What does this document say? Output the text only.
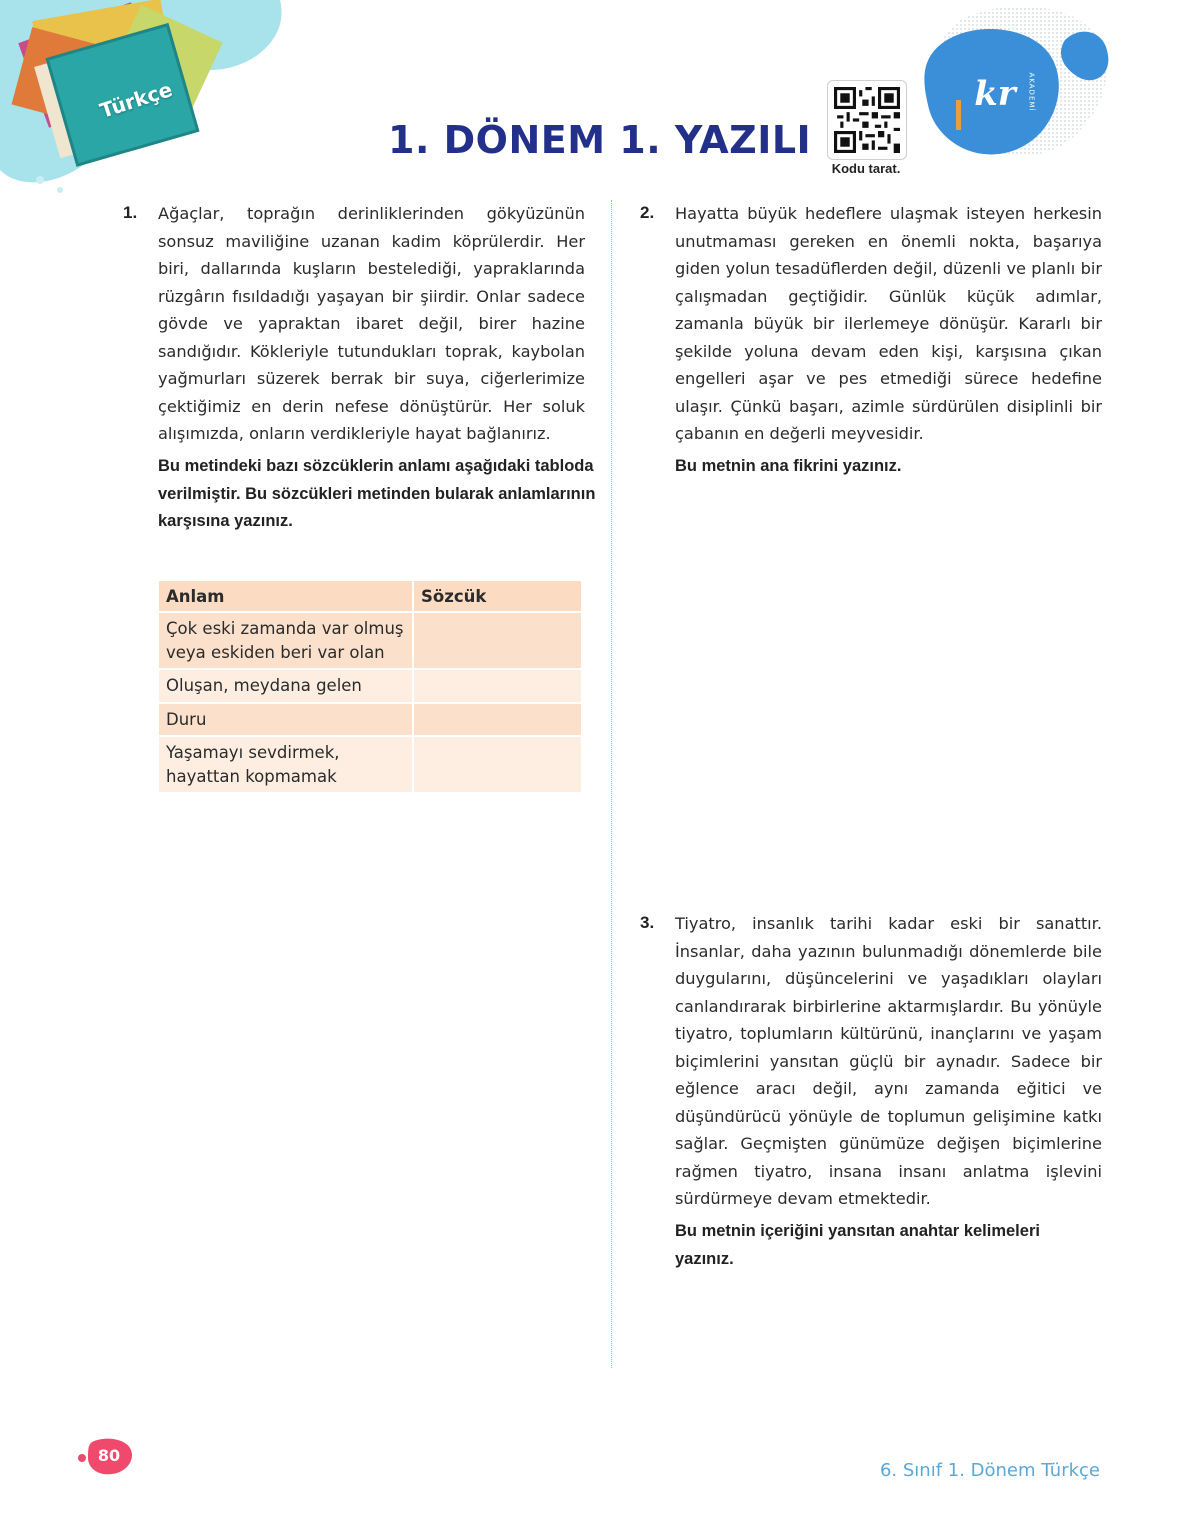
Türkçe	kr	AKADEMİ
1. DÖNEM 1. YAZILI
Kodu tarat.
1. Ağaçlar, toprağın derinliklerinden gökyüzünün sonsuz maviliğine uzanan kadim köprülerdir. Her biri, dallarında kuşların bestelediği, yapraklarında rüzgârın fısıldadığı yaşayan bir şiirdir. Onlar sadece gövde ve yapraktan ibaret değil, birer hazine sandığıdır. Kökleriyle tutundukları toprak, kaybolan yağmurları süzerek berrak bir suya, ciğerlerimize çektiğimiz en derin nefese dönüştürür. Her soluk alışımızda, onların verdikleriyle hayat bağlanırız.
Bu metindeki bazı sözcüklerin anlamı aşağıdaki tabloda verilmiştir. Bu sözcükleri metinden bularak anlamlarının karşısına yazınız.
Anlam	Sözcük
Çok eski zamanda var olmuş veya eskiden beri var olan	
Oluşan, meydana gelen	
Duru	
Yaşamayı sevdirmek, hayattan kopmamak	
2. Hayatta büyük hedeflere ulaşmak isteyen herkesin unutmaması gereken en önemli nokta, başarıya giden yolun tesadüflerden değil, düzenli ve planlı bir çalışmadan geçtiğidir. Günlük küçük adımlar, zamanla büyük bir ilerlemeye dönüşür. Kararlı bir şekilde yoluna devam eden kişi, karşısına çıkan engelleri aşar ve pes etmediği sürece hedefine ulaşır. Çünkü başarı, azimle sürdürülen disiplinli bir çabanın en değerli meyvesidir.
Bu metnin ana fikrini yazınız.
3. Tiyatro, insanlık tarihi kadar eski bir sanattır. İnsanlar, daha yazının bulunmadığı dönemlerde bile duygularını, düşüncelerini ve yaşadıkları olayları canlandırarak birbirlerine aktarmışlardır. Bu yönüyle tiyatro, toplumların kültürünü, inançlarını ve yaşam biçimlerini yansıtan güçlü bir aynadır. Sadece bir eğlence aracı değil, aynı zamanda eğitici ve düşündürücü yönüyle de toplumun gelişimine katkı sağlar. Geçmişten günümüze değişen biçimlerine rağmen tiyatro, insana insanı anlatma işlevini sürdürmeye devam etmektedir.
Bu metnin içeriğini yansıtan anahtar kelimeleri yazınız.
80
6. Sınıf 1. Dönem Türkçe
